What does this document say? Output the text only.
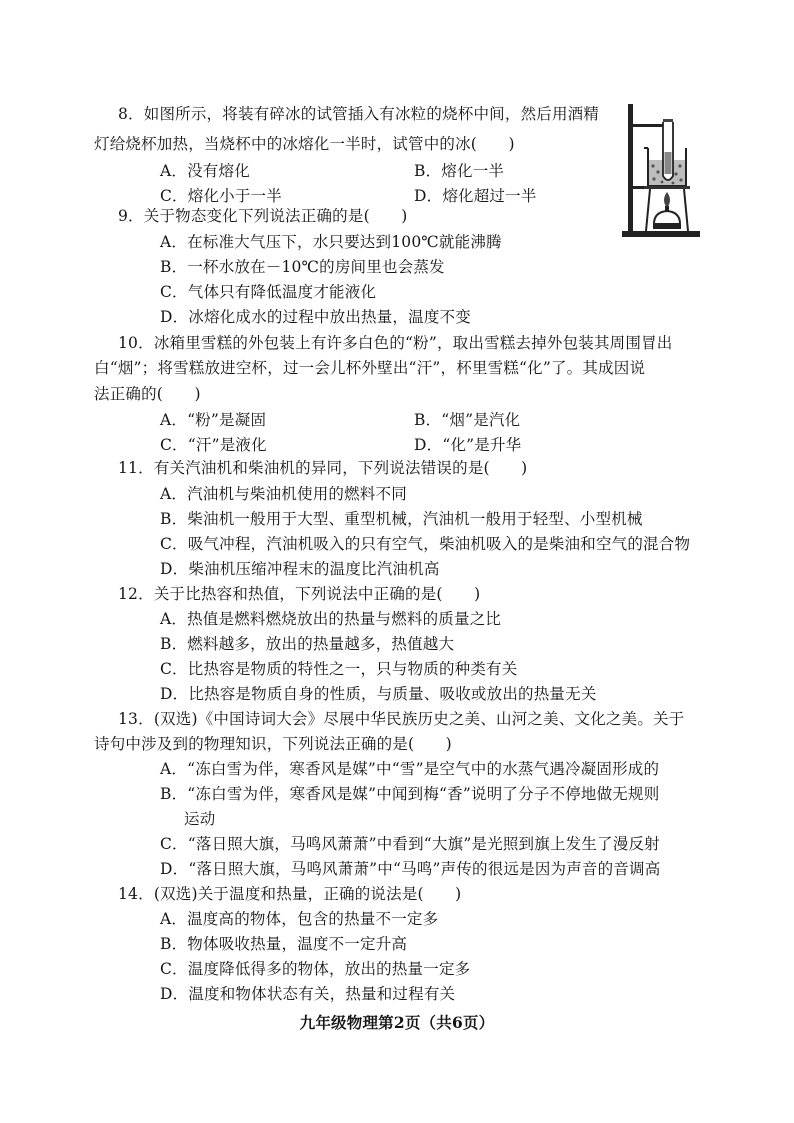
8．如图所示，将装有碎冰的试管插入有冰粒的烧杯中间，然后用酒精
灯给烧杯加热，当烧杯中的冰熔化一半时，试管中的冰(　　)
A．没有熔化	B．熔化一半
C．熔化小于一半	D．熔化超过一半
9．关于物态变化下列说法正确的是(　　)
A．在标准大气压下，水只要达到100℃就能沸腾
B．一杯水放在－10℃的房间里也会蒸发
C．气体只有降低温度才能液化
D．冰熔化成水的过程中放出热量，温度不变
10．冰箱里雪糕的外包装上有许多白色的“粉”，取出雪糕去掉外包装其周围冒出
白“烟”；将雪糕放进空杯，过一会儿杯外壁出“汗”，杯里雪糕“化”了。其成因说
法正确的(　　)
A．“粉”是凝固	B．“烟”是汽化
C．“汗”是液化	D．“化”是升华
11．有关汽油机和柴油机的异同，下列说法错误的是(　　)
A．汽油机与柴油机使用的燃料不同
B．柴油机一般用于大型、重型机械，汽油机一般用于轻型、小型机械
C．吸气冲程，汽油机吸入的只有空气，柴油机吸入的是柴油和空气的混合物
D．柴油机压缩冲程末的温度比汽油机高
12．关于比热容和热值，下列说法中正确的是(　　)
A．热值是燃料燃烧放出的热量与燃料的质量之比
B．燃料越多，放出的热量越多，热值越大
C．比热容是物质的特性之一，只与物质的种类有关
D．比热容是物质自身的性质，与质量、吸收或放出的热量无关
13．(双选)《中国诗词大会》尽展中华民族历史之美、山河之美、文化之美。关于
诗句中涉及到的物理知识，下列说法正确的是(　　)
A．“冻白雪为伴，寒香风是媒”中“雪”是空气中的水蒸气遇冷凝固形成的
B．“冻白雪为伴，寒香风是媒”中闻到梅“香”说明了分子不停地做无规则
运动
C．“落日照大旗，马鸣风萧萧”中看到“大旗”是光照到旗上发生了漫反射
D．“落日照大旗，马鸣风萧萧”中“马鸣”声传的很远是因为声音的音调高
14．(双选)关于温度和热量，正确的说法是(　　)
A．温度高的物体，包含的热量不一定多
B．物体吸收热量，温度不一定升高
C．温度降低得多的物体，放出的热量一定多
D．温度和物体状态有关，热量和过程有关
九年级物理第2页（共6页）
